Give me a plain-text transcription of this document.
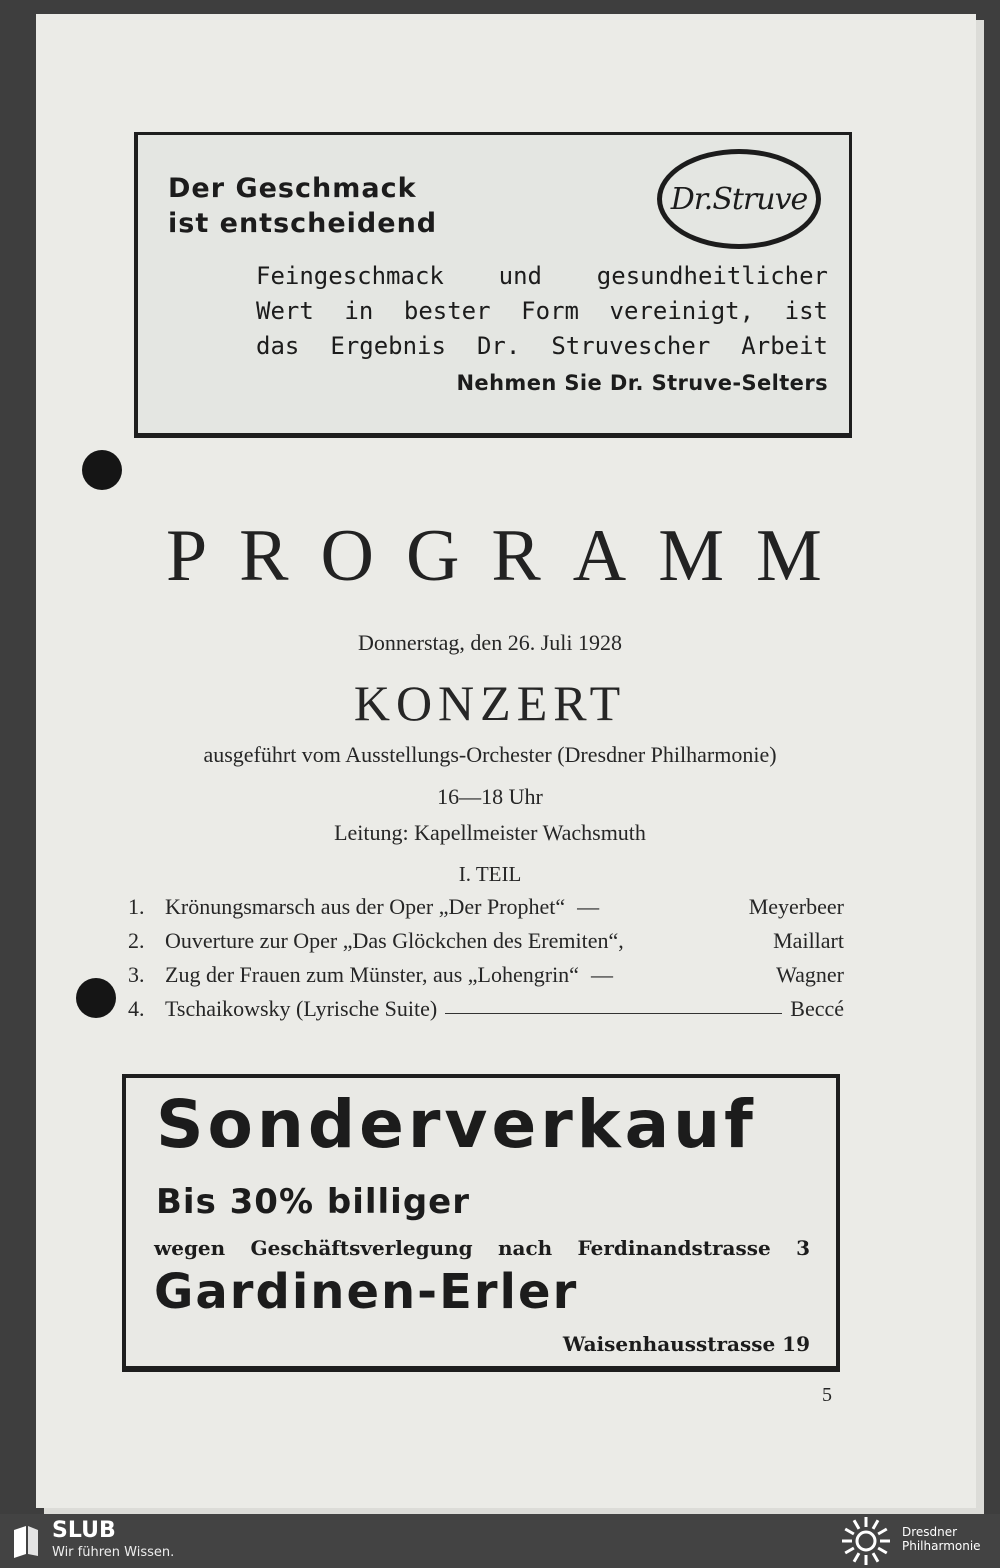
Der Geschmack
ist entscheidend
Dr.Struve
Feingeschmack und gesundheitlicher
Wert in bester Form vereinigt, ist
das Ergebnis Dr. Struvescher Arbeit
Nehmen Sie Dr. Struve-Selters
PROGRAMM
Donnerstag, den 26. Juli 1928
KONZERT
ausgeführt vom Ausstellungs-Orchester (Dresdner Philharmonie)
16—18 Uhr
Leitung: Kapellmeister Wachsmuth
I. TEIL
1. Krönungsmarsch aus der Oper „Der Prophet“ —	Meyerbeer
2. Ouverture zur Oper „Das Glöckchen des Eremiten“,	Maillart
3. Zug der Frauen zum Münster, aus „Lohengrin“ —	Wagner
4. Tschaikowsky (Lyrische Suite)	Beccé
Sonderverkauf
Bis 30% billiger
wegen Geschäftsverlegung nach Ferdinandstrasse 3
Gardinen-Erler
Waisenhausstrasse 19
5
SLUB
Wir führen Wissen.
Dresdner
Philharmonie
